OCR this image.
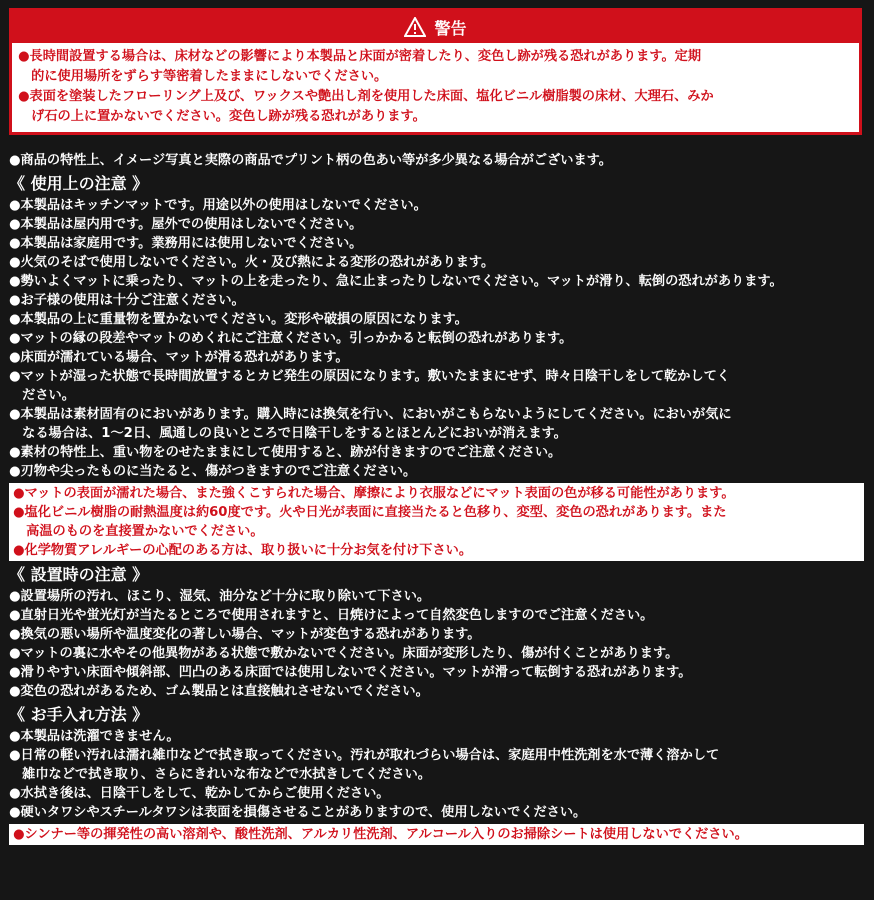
警告
●長時間設置する場合は、床材などの影響により本製品と床面が密着したり、変色し跡が残る恐れがあります。定期
　的に使用場所をずらす等密着したままにしないでください。
●表面を塗装したフローリング上及び、ワックスや艶出し剤を使用した床面、塩化ビニル樹脂製の床材、大理石、みか
　げ石の上に置かないでください。変色し跡が残る恐れがあります。
●商品の特性上、イメージ写真と実際の商品でプリント柄の色あい等が多少異なる場合がございます。
《 使用上の注意 》
●本製品はキッチンマットです。用途以外の使用はしないでください。
●本製品は屋内用です。屋外での使用はしないでください。
●本製品は家庭用です。業務用には使用しないでください。
●火気のそばで使用しないでください。火・及び熱による変形の恐れがあります。
●勢いよくマットに乗ったり、マットの上を走ったり、急に止まったりしないでください。マットが滑り、転倒の恐れがあります。
●お子様の使用は十分ご注意ください。
●本製品の上に重量物を置かないでください。変形や破損の原因になります。
●マットの縁の段差やマットのめくれにご注意ください。引っかかると転倒の恐れがあります。
●床面が濡れている場合、マットが滑る恐れがあります。
●マットが湿った状態で長時間放置するとカビ発生の原因になります。敷いたままにせず、時々日陰干しをして乾かしてく
　ださい。
●本製品は素材固有のにおいがあります。購入時には換気を行い、においがこもらないようにしてください。においが気に
　なる場合は、1〜2日、風通しの良いところで日陰干しをするとほとんどにおいが消えます。
●素材の特性上、重い物をのせたままにして使用すると、跡が付きますのでご注意ください。
●刃物や尖ったものに当たると、傷がつきますのでご注意ください。
●マットの表面が濡れた場合、また強くこすられた場合、摩擦により衣服などにマット表面の色が移る可能性があります。
●塩化ビニル樹脂の耐熱温度は約60度です。火や日光が表面に直接当たると色移り、変型、変色の恐れがあります。また
　高温のものを直接置かないでください。
●化学物質アレルギーの心配のある方は、取り扱いに十分お気を付け下さい。
《 設置時の注意 》
●設置場所の汚れ、ほこり、湿気、油分など十分に取り除いて下さい。
●直射日光や蛍光灯が当たるところで使用されますと、日焼けによって自然変色しますのでご注意ください。
●換気の悪い場所や温度変化の著しい場合、マットが変色する恐れがあります。
●マットの裏に水やその他異物がある状態で敷かないでください。床面が変形したり、傷が付くことがあります。
●滑りやすい床面や傾斜部、凹凸のある床面では使用しないでください。マットが滑って転倒する恐れがあります。
●変色の恐れがあるため、ゴム製品とは直接触れさせないでください。
《 お手入れ方法 》
●本製品は洗濯できません。
●日常の軽い汚れは濡れ雑巾などで拭き取ってください。汚れが取れづらい場合は、家庭用中性洗剤を水で薄く溶かして
　雑巾などで拭き取り、さらにきれいな布などで水拭きしてください。
●水拭き後は、日陰干しをして、乾かしてからご使用ください。
●硬いタワシやスチールタワシは表面を損傷させることがありますので、使用しないでください。
●シンナー等の揮発性の高い溶剤や、酸性洗剤、アルカリ性洗剤、アルコール入りのお掃除シートは使用しないでください。
